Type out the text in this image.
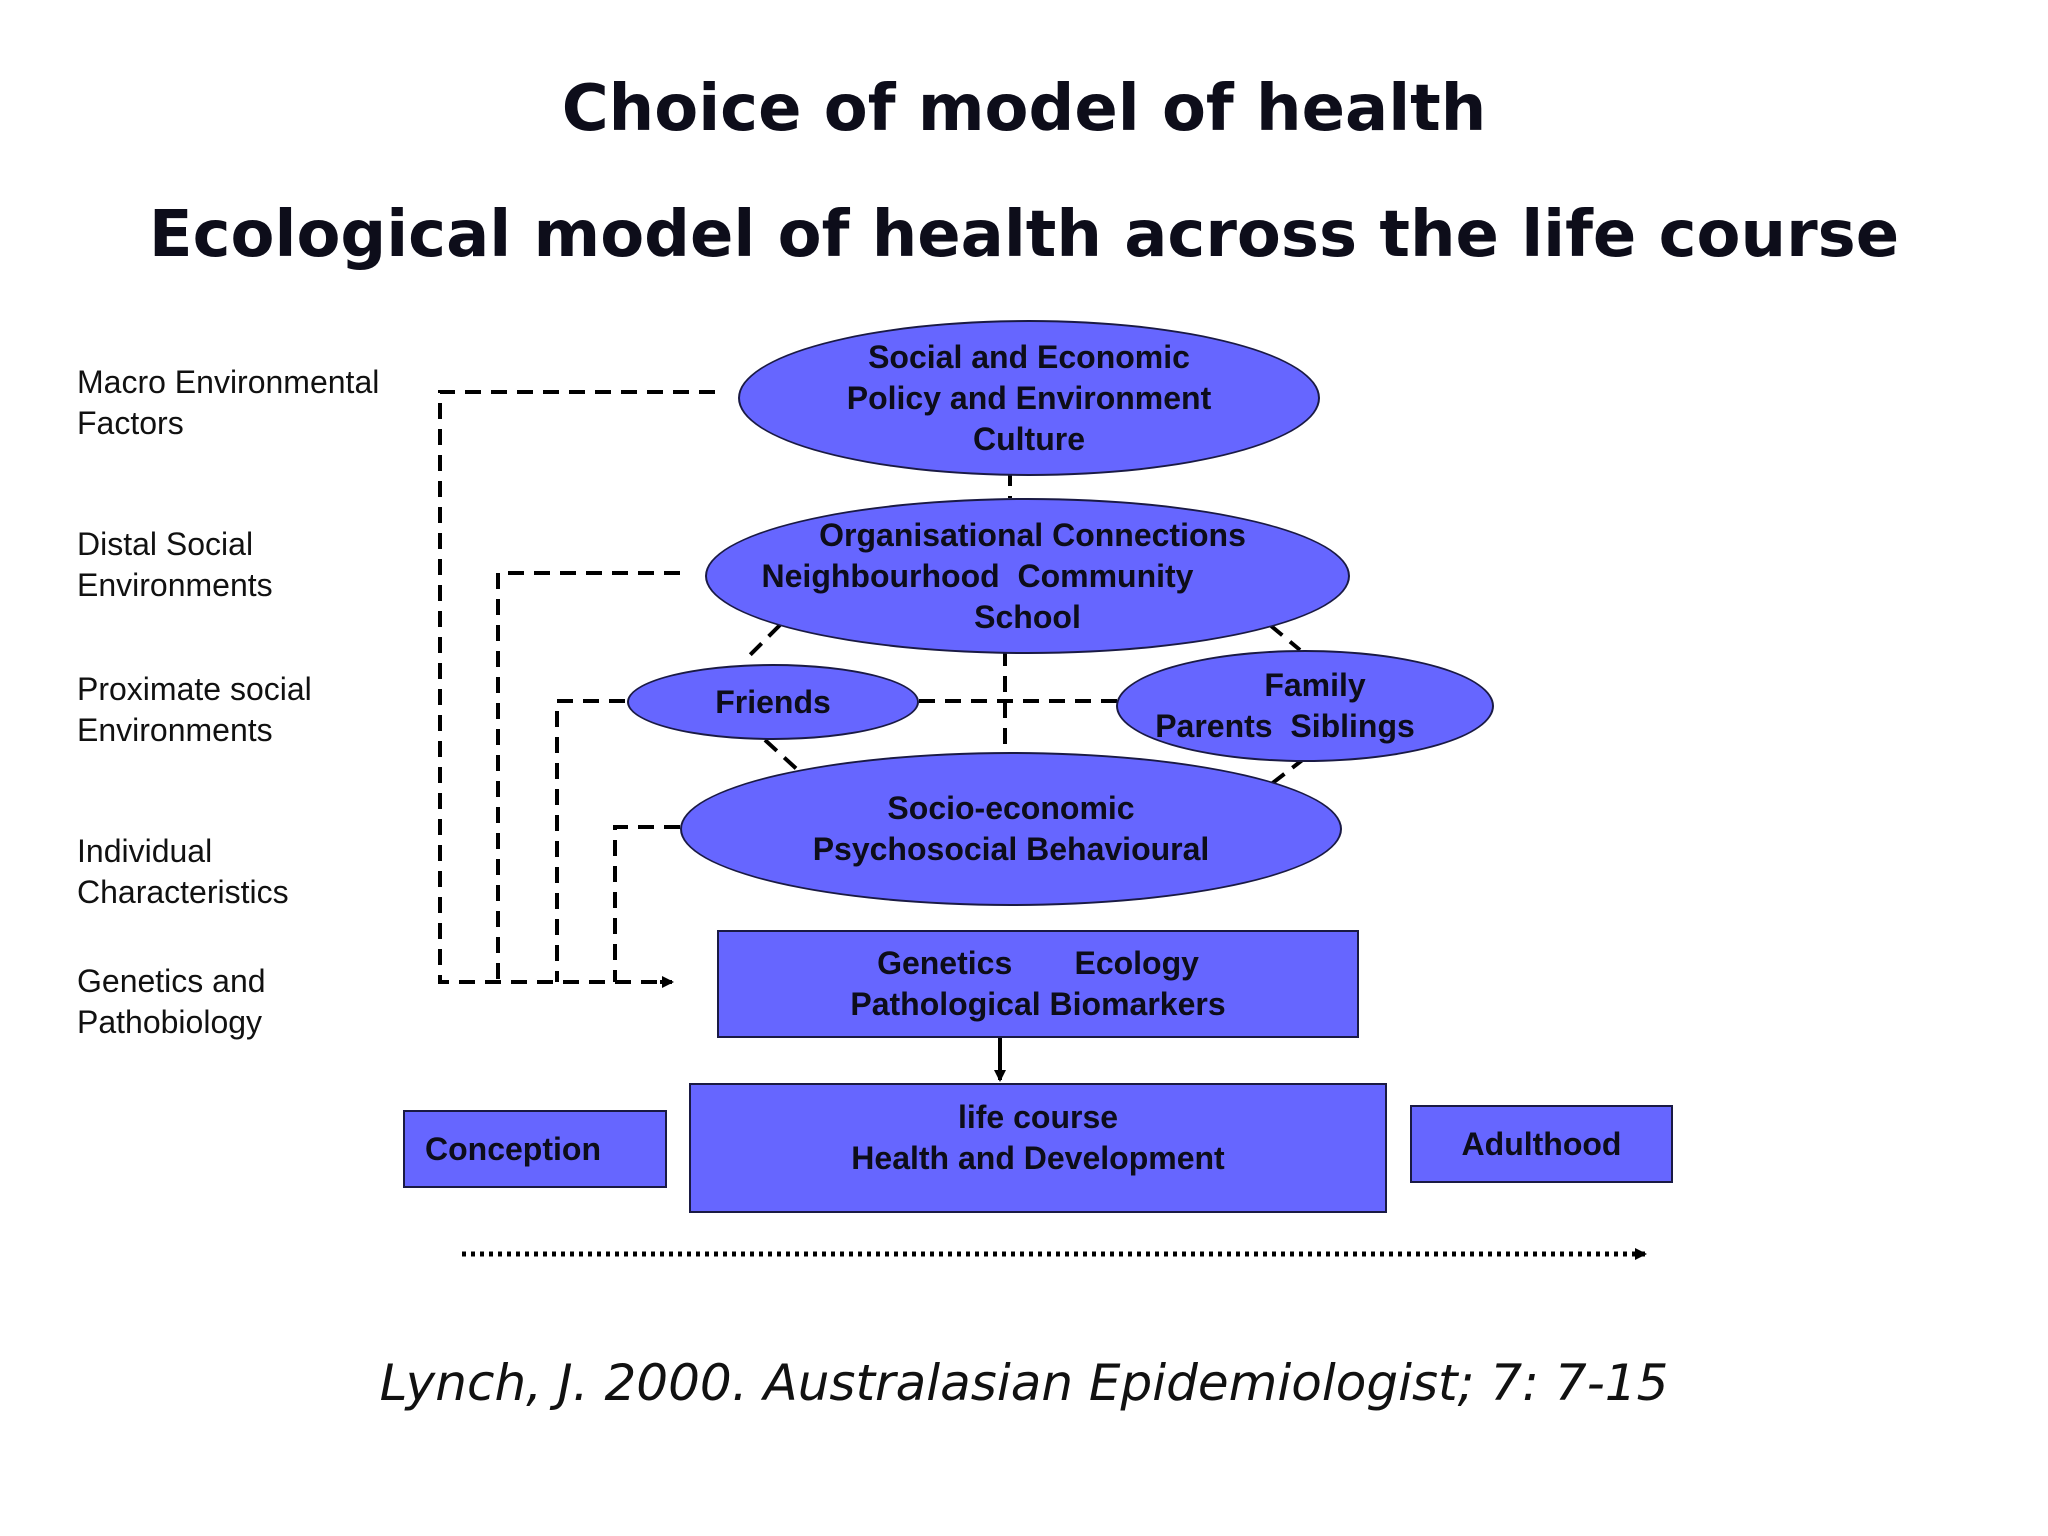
Choice of model of health
Ecological model of health across the life course
Macro Environmental
Factors
Distal Social
Environments
Proximate social
Environments
Individual
Characteristics
Genetics and
Pathobiology
Social and Economic
Policy and Environment
Culture
Organisational Connections
Neighbourhood  Community
School
Friends	Family
Parents  Siblings
Socio-economic
Psychosocial Behavioural
Genetics       Ecology
Pathological Biomarkers
life course
Health and Development
Conception	Adulthood
Lynch, J. 2000. Australasian Epidemiologist; 7: 7-15
